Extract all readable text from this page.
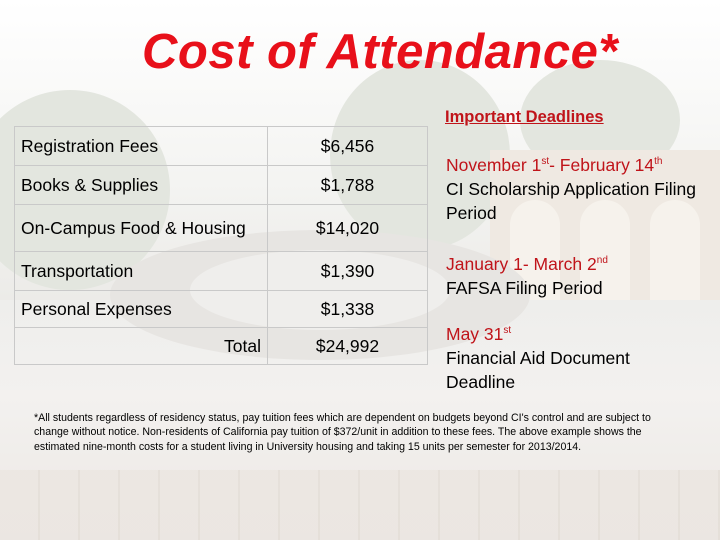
Cost of Attendance*
Registration Fees	$6,456
Books & Supplies	$1,788
On-Campus Food & Housing	$14,020
Transportation	$1,390
Personal Expenses	$1,338
Total	$24,992
Important Deadlines
November 1st- February 14th
CI Scholarship Application Filing
Period
January 1- March 2nd
FAFSA Filing Period
May 31st
Financial Aid Document
Deadline
*All students regardless of residency status, pay tuition fees which are dependent on budgets beyond CI's control and are subject to change without notice. Non-residents of California pay tuition of $372/unit in addition to these fees. The above example shows the estimated nine-month costs for a student living in University housing and taking 15 units per semester for 2013/2014.
